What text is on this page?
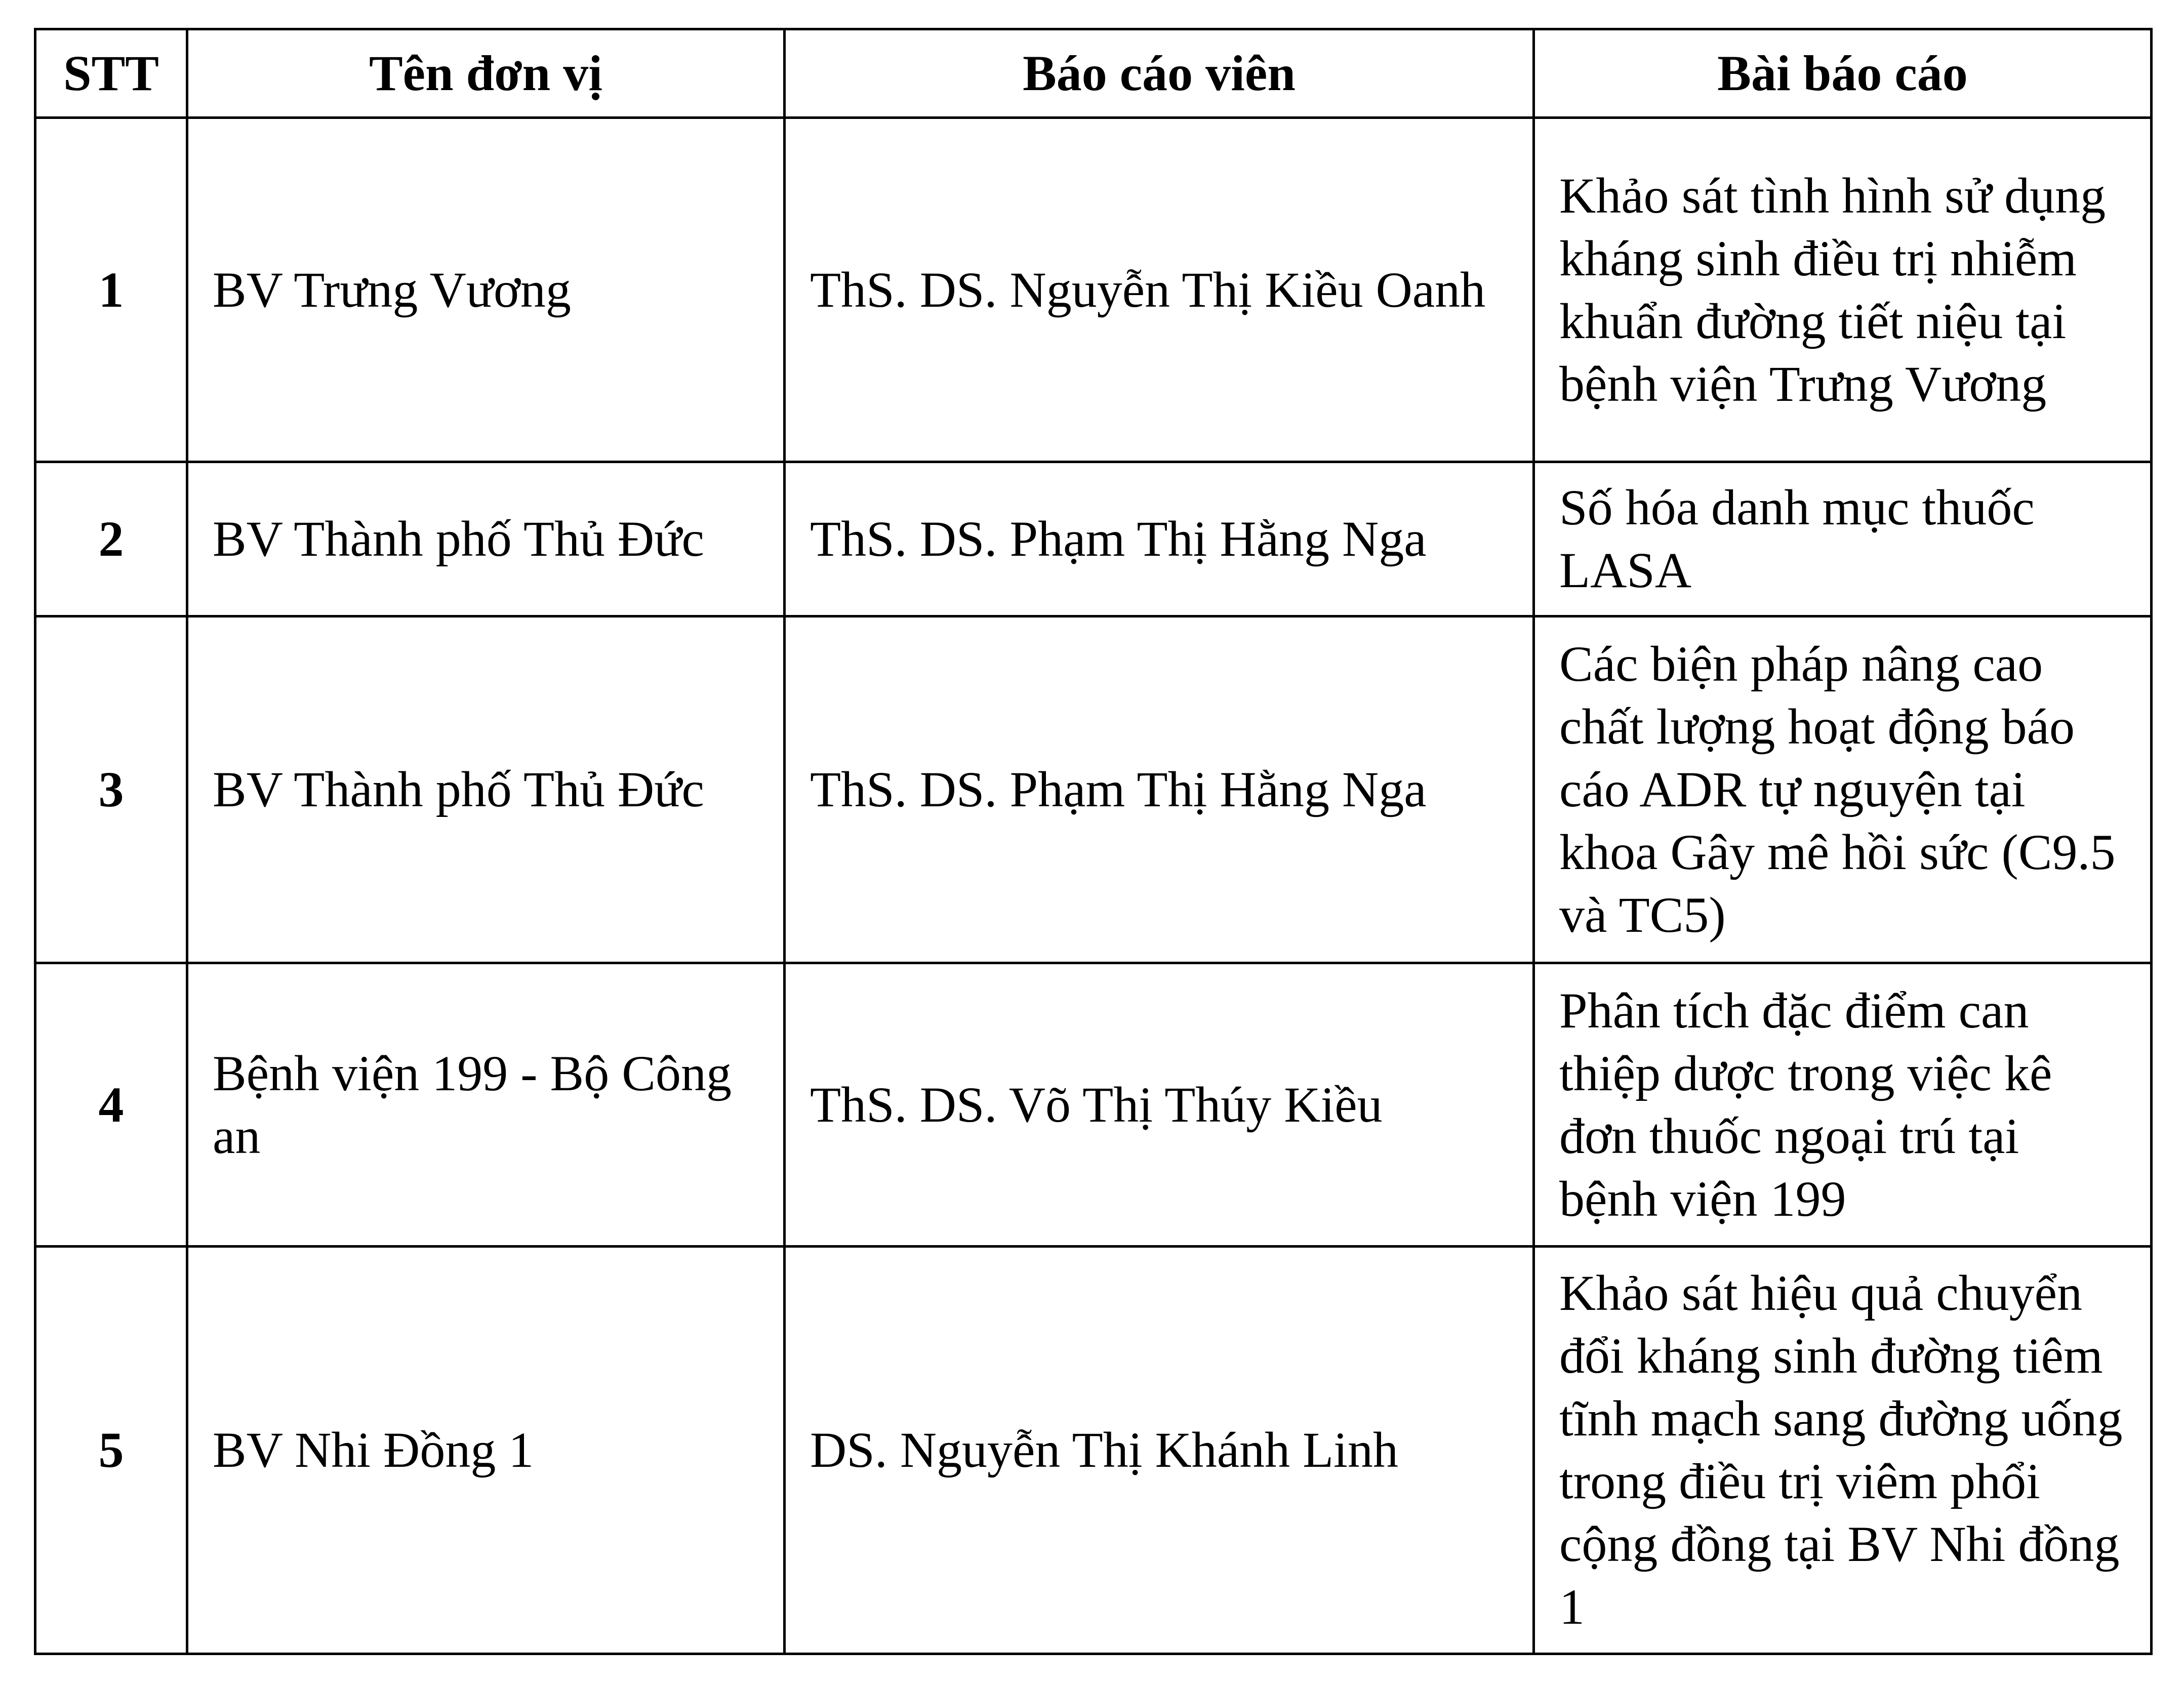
STT	Tên đơn vị	Báo cáo viên	Bài báo cáo
1	BV Trưng Vương	ThS. DS. Nguyễn Thị Kiều Oanh	Khảo sát tình hình sử dụng kháng sinh điều trị nhiễm khuẩn đường tiết niệu tại bệnh viện Trưng Vương
2	BV Thành phố Thủ Đức	ThS. DS. Phạm Thị Hằng Nga	Số hóa danh mục thuốc LASA
3	BV Thành phố Thủ Đức	ThS. DS. Phạm Thị Hằng Nga	Các biện pháp nâng cao chất lượng hoạt động báo cáo ADR tự nguyện tại khoa Gây mê hồi sức (C9.5 và TC5)
4	Bệnh viện 199 - Bộ Công an	ThS. DS. Võ Thị Thúy Kiều	Phân tích đặc điểm can thiệp dược trong việc kê đơn thuốc ngoại trú tại bệnh viện 199
5	BV Nhi Đồng 1	DS. Nguyễn Thị Khánh Linh	Khảo sát hiệu quả chuyển đổi kháng sinh đường tiêm tĩnh mạch sang đường uống trong điều trị viêm phổi cộng đồng tại BV Nhi đồng 1
